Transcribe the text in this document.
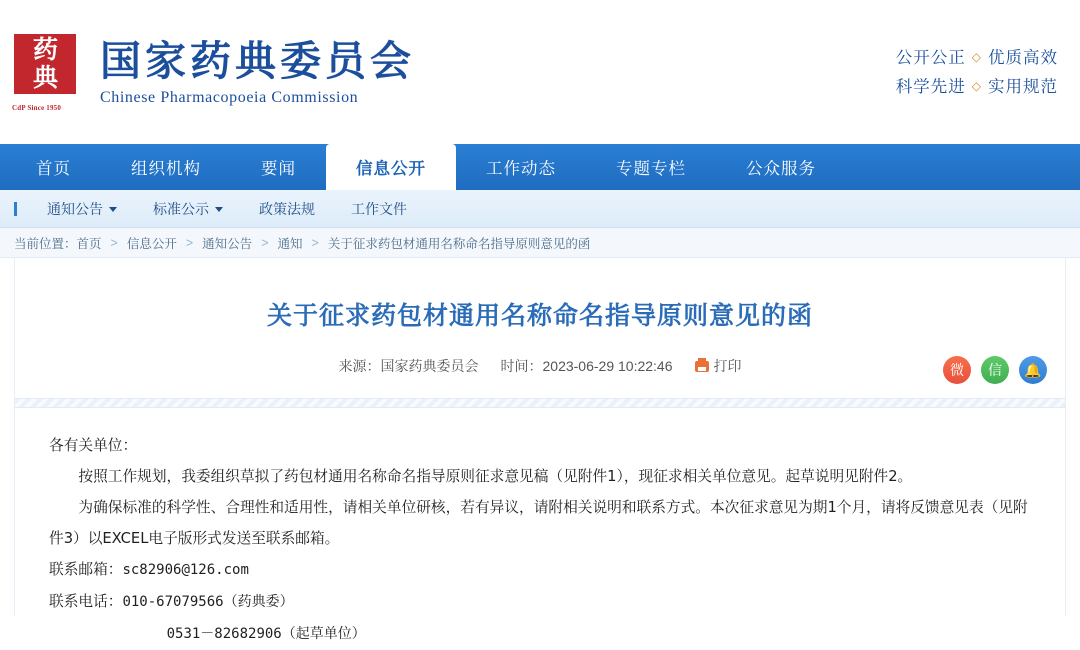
药
典
CdP Since 1950
国家药典委员会
Chinese Pharmacopoeia Commission
公开公正 ◇ 优质高效
科学先进 ◇ 实用规范
首页	组织机构	要闻	信息公开	工作动态	专题专栏	公众服务
通知公告	标准公示	政策法规	工作文件
当前位置： 首页 > 信息公开 > 通知公告 > 通知 > 关于征求药包材通用名称命名指导原则意见的函
关于征求药包材通用名称命名指导原则意见的函
来源：国家药典委员会 时间：2023-06-29 10:22:46	打印	微	信	🔔

各有关单位：

按照工作规划，我委组织草拟了药包材通用名称命名指导原则征求意见稿（见附件1），现征求相关单位意见。起草说明见附件2。

为确保标准的科学性、合理性和适用性，请相关单位研核，若有异议，请附相关说明和联系方式。本次征求意见为期1个月，请将反馈意见表（见附件3）以EXCEL电子版形式发送至联系邮箱。

联系邮箱：sc82906@126.com

联系电话：010-67079566（药典委）

0531－82682906（起草单位）
